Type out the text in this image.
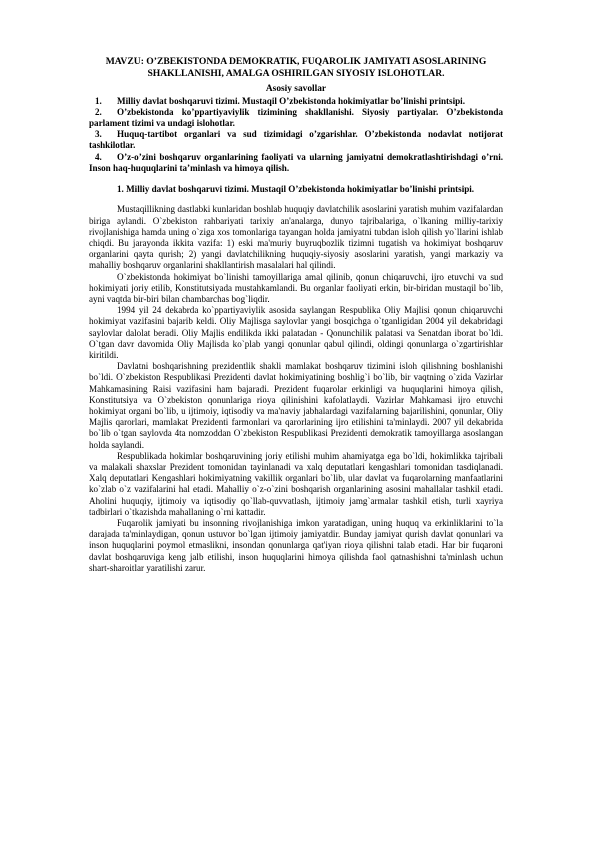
MAVZU: O’ZBEKISTONDA DEMOKRATIK, FUQAROLIK JAMIYATI ASOSLARINING SHAKLLANISHI, AMALGA OSHIRILGAN SIYOSIY ISLOHOTLAR.
Asosiy savollar

1. Milliy davlat boshqaruvi tizimi. Mustaqil O’zbekistonda hokimiyatlar bo’linishi printsipi.

2. O’zbekistonda ko’ppartiyaviylik tizimining shakllanishi. Siyosiy partiyalar. O’zbekistonda parlament tizimi va undagi islohotlar.

3. Huquq-tartibot organlari va sud tizimidagi o’zgarishlar. O’zbekistonda nodavlat notijorat tashkilotlar.

4. O’z-o’zini boshqaruv organlarining faoliyati va ularning jamiyatni demokratlashtirishdagi o’rni. Inson haq-huquqlarini ta’minlash va himoya qilish.

1. Milliy davlat boshqaruvi tizimi. Mustaqil O’zbekistonda hokimiyatlar bo’linishi printsipi.

Mustaqillikning dastlabki kunlaridan boshlab huquqiy davlatchilik asoslarini yaratish muhim vazifalardan biriga aylandi. O`zbekiston rahbariyati tarixiy an'analarga, dunyo tajribalariga, o`lkaning milliy-tarixiy rivojlanishiga hamda uning o`ziga xos tomonlariga tayangan holda jamiyatni tubdan isloh qilish yo`llarini ishlab chiqdi. Bu jarayonda ikkita vazifa: 1) eski ma'muriy buyruqbozlik tizimni tugatish va hokimiyat boshqaruv organlarini qayta qurish; 2) yangi davlatchilikning huquqiy-siyosiy asoslarini yaratish, yangi markaziy va mahalliy boshqaruv organlarini shakllantirish masalalari hal qilindi.

O`zbekistonda hokimiyat bo`linishi tamoyillariga amal qilinib, qonun chiqaruvchi, ijro etuvchi va sud hokimiyati joriy etilib, Konstitutsiyada mustahkamlandi. Bu organlar faoliyati erkin, bir-biridan mustaqil bo`lib, ayni vaqtda bir-biri bilan chambarchas bog`liqdir.

1994 yil 24 dekabrda ko`ppartiyaviylik asosida saylangan Respublika Oliy Majlisi qonun chiqaruvchi hokimiyat vazifasini bajarib keldi. Oliy Majlisga saylovlar yangi bosqichga o`tganligidan 2004 yil dekabridagi saylovlar dalolat beradi. Oliy Majlis endilikda ikki palatadan - Qonunchilik palatasi va Senatdan iborat bo`ldi. O`tgan davr davomida Oliy Majlisda ko`plab yangi qonunlar qabul qilindi, oldingi qonunlarga o`zgartirishlar kiritildi.

Davlatni boshqarishning prezidentlik shakli mamlakat boshqaruv tizimini isloh qilishning boshlanishi bo`ldi. O`zbekiston Respublikasi Prezidenti davlat hokimiyatining boshlig`i bo`lib, bir vaqtning o`zida Vazirlar Mahkamasining Raisi vazifasini ham bajaradi. Prezident fuqarolar erkinligi va huquqlarini himoya qilish, Konstitutsiya va O`zbekiston qonunlariga rioya qilinishini kafolatlaydi. Vazirlar Mahkamasi ijro etuvchi hokimiyat organi bo`lib, u ijtimoiy, iqtisodiy va ma'naviy jabhalardagi vazifalarning bajarilishini, qonunlar, Oliy Majlis qarorlari, mamlakat Prezidenti farmonlari va qarorlarining ijro etilishini ta'minlaydi. 2007 yil dekabrida bo`lib o`tgan saylovda 4ta nomzoddan O`zbekiston Respublikasi Prezidenti demokratik tamoyillarga asoslangan holda saylandi.

Respublikada hokimlar boshqaruvining joriy etilishi muhim ahamiyatga ega bo`ldi, hokimlikka tajribali va malakali shaxslar Prezident tomonidan tayinlanadi va xalq deputatlari kengashlari tomonidan tasdiqlanadi. Xalq deputatlari Kengashlari hokimiyatning vakillik organlari bo`lib, ular davlat va fuqarolarning manfaatlarini ko`zlab o`z vazifalarini hal etadi. Mahalliy o`z-o`zini boshqarish organlarining asosini mahallalar tashkil etadi. Aholini huquqiy, ijtimoiy va iqtisodiy qo`llab-quvvatlash, ijtimoiy jamg`armalar tashkil etish, turli xayriya tadbirlari o`tkazishda mahallaning o`rni kattadir.

Fuqarolik jamiyati bu insonning rivojlanishiga imkon yaratadigan, uning huquq va erkinliklarini to`la darajada ta'minlaydigan, qonun ustuvor bo`lgan ijtimoiy jamiyatdir. Bunday jamiyat qurish davlat qonunlari va inson huquqlarini poymol etmaslikni, insondan qonunlarga qat'iyan rioya qilishni talab etadi. Har bir fuqaroni davlat boshqaruviga keng jalb etilishi, inson huquqlarini himoya qilishda faol qatnashishni ta'minlash uchun shart-sharoitlar yaratilishi zarur.
